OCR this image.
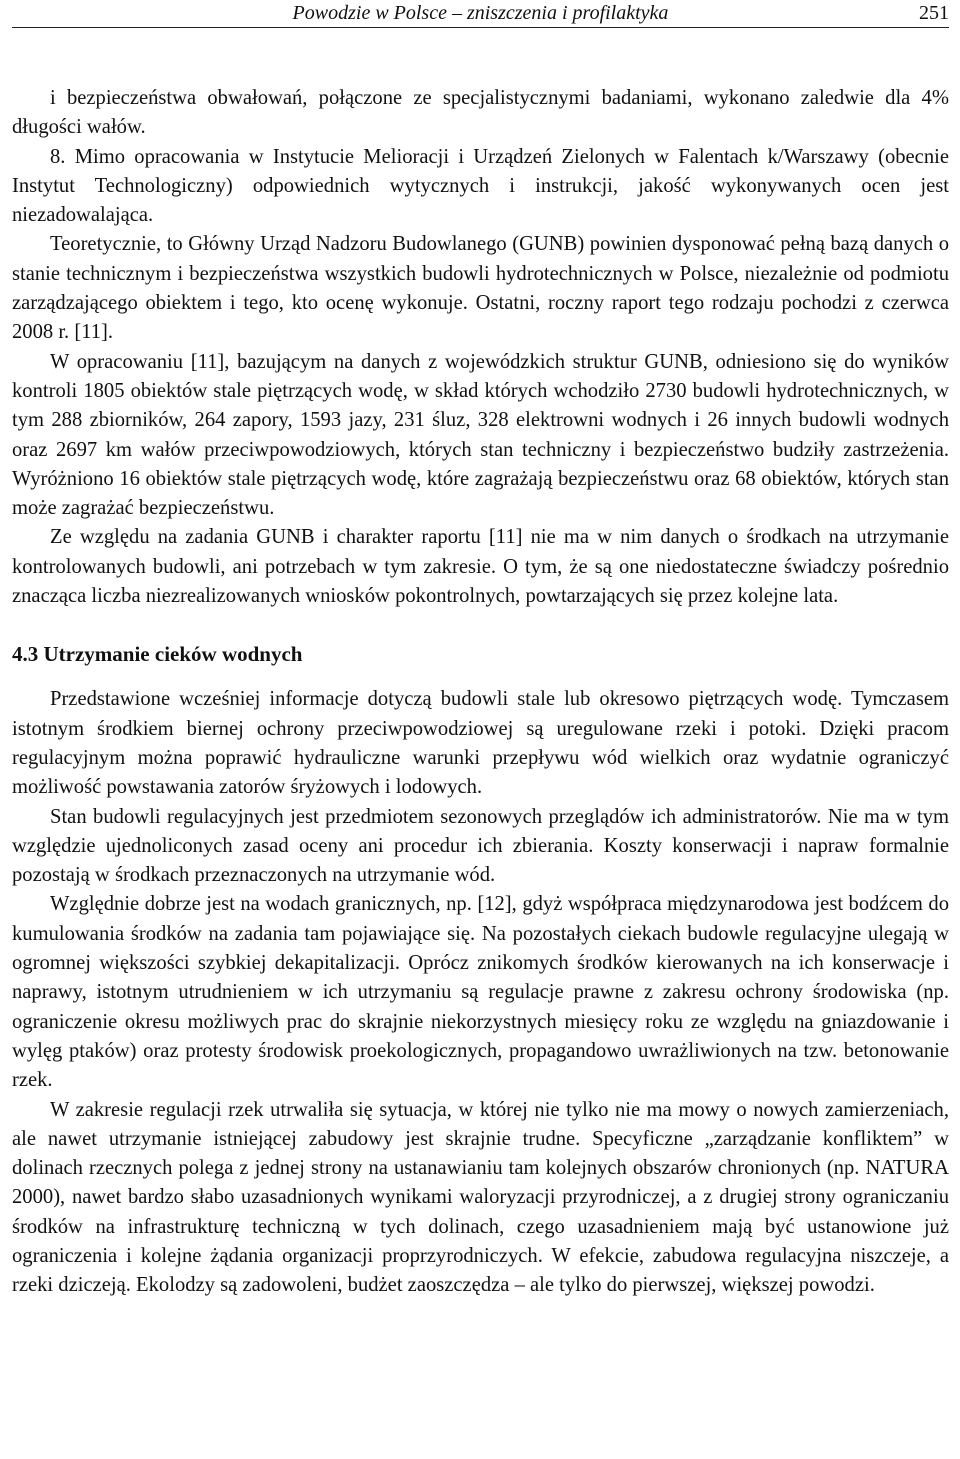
Powodzie w Polsce – zniszczenia i profilaktyka	251

i bezpieczeństwa obwałowań, połączone ze specjalistycznymi badaniami, wykonano zaledwie dla 4% długości wałów.

8. Mimo opracowania w Instytucie Melioracji i Urządzeń Zielonych w Falentach k/Warszawy (obecnie Instytut Technologiczny) odpowiednich wytycznych i instrukcji, jakość wykonywanych ocen jest niezadowalająca.

Teoretycznie, to Główny Urząd Nadzoru Budowlanego (GUNB) powinien dysponować pełną bazą danych o stanie technicznym i bezpieczeństwa wszystkich budowli hydrotechnicznych w Polsce, niezależnie od podmiotu zarządzającego obiektem i tego, kto ocenę wykonuje. Ostatni, roczny raport tego rodzaju pochodzi z czerwca 2008 r. [11].

W opracowaniu [11], bazującym na danych z wojewódzkich struktur GUNB, odniesiono się do wyników kontroli 1805 obiektów stale piętrzących wodę, w skład których wchodziło 2730 budowli hydrotechnicznych, w tym 288 zbiorników, 264 zapory, 1593 jazy, 231 śluz, 328 elektrowni wodnych i 26 innych budowli wodnych oraz 2697 km wałów przeciwpowodziowych, których stan techniczny i bezpieczeństwo budziły zastrzeżenia. Wyróżniono 16 obiektów stale piętrzących wodę, które zagrażają bezpieczeństwu oraz 68 obiektów, których stan może zagrażać bezpieczeństwu.

Ze względu na zadania GUNB i charakter raportu [11] nie ma w nim danych o środkach na utrzymanie kontrolowanych budowli, ani potrzebach w tym zakresie. O tym, że są one niedostateczne świadczy pośrednio znacząca liczba niezrealizowanych wniosków pokontrolnych, powtarzających się przez kolejne lata.

4.3 Utrzymanie cieków wodnych

Przedstawione wcześniej informacje dotyczą budowli stale lub okresowo piętrzących wodę. Tymczasem istotnym środkiem biernej ochrony przeciwpowodziowej są uregulowane rzeki i potoki. Dzięki pracom regulacyjnym można poprawić hydrauliczne warunki przepływu wód wielkich oraz wydatnie ograniczyć możliwość powstawania zatorów śryżowych i lodowych.

Stan budowli regulacyjnych jest przedmiotem sezonowych przeglądów ich administratorów. Nie ma w tym względzie ujednoliconych zasad oceny ani procedur ich zbierania. Koszty konserwacji i napraw formalnie pozostają w środkach przeznaczonych na utrzymanie wód.

Względnie dobrze jest na wodach granicznych, np. [12], gdyż współpraca międzynarodowa jest bodźcem do kumulowania środków na zadania tam pojawiające się. Na pozostałych ciekach budowle regulacyjne ulegają w ogromnej większości szybkiej dekapitalizacji. Oprócz znikomych środków kierowanych na ich konserwacje i naprawy, istotnym utrudnieniem w ich utrzymaniu są regulacje prawne z zakresu ochrony środowiska (np. ograniczenie okresu możliwych prac do skrajnie niekorzystnych miesięcy roku ze względu na gniazdowanie i wylęg ptaków) oraz protesty środowisk proekologicznych, propagandowo uwrażliwionych na tzw. betonowanie rzek.

W zakresie regulacji rzek utrwaliła się sytuacja, w której nie tylko nie ma mowy o nowych zamierzeniach, ale nawet utrzymanie istniejącej zabudowy jest skrajnie trudne. Specyficzne „zarządzanie konfliktem” w dolinach rzecznych polega z jednej strony na ustanawianiu tam kolejnych obszarów chronionych (np. NATURA 2000), nawet bardzo słabo uzasadnionych wynikami waloryzacji przyrodniczej, a z drugiej strony ograniczaniu środków na infrastrukturę techniczną w tych dolinach, czego uzasadnieniem mają być ustanowione już ograniczenia i kolejne żądania organizacji proprzyrodniczych. W efekcie, zabudowa regulacyjna niszczeje, a rzeki dziczeją. Ekolodzy są zadowoleni, budżet zaoszczędza – ale tylko do pierwszej, większej powodzi.
